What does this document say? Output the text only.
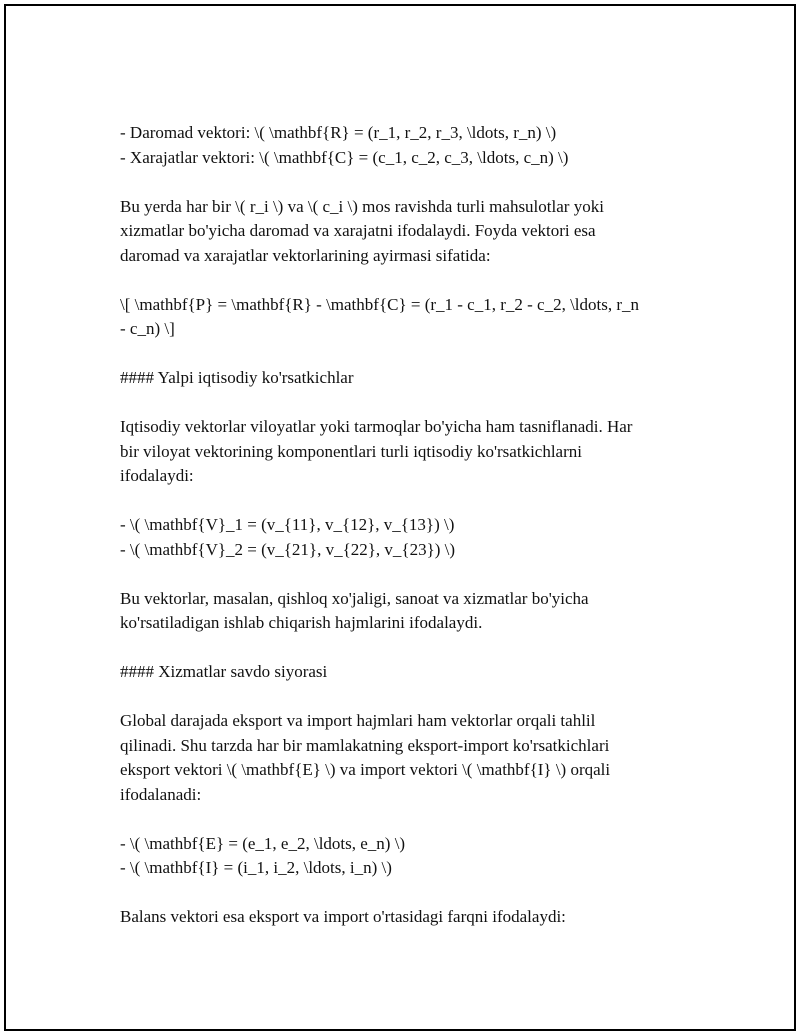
- Daromad vektori: \( \mathbf{R} = (r_1, r_2, r_3, \ldots, r_n) \)
- Xarajatlar vektori: \( \mathbf{C} = (c_1, c_2, c_3, \ldots, c_n) \)
Bu yerda har bir \( r_i \) va \( c_i \) mos ravishda turli mahsulotlar yoki
xizmatlar bo'yicha daromad va xarajatni ifodalaydi. Foyda vektori esa
daromad va xarajatlar vektorlarining ayirmasi sifatida:
\[ \mathbf{P} = \mathbf{R} - \mathbf{C} = (r_1 - c_1, r_2 - c_2, \ldots, r_n
- c_n) \]
#### Yalpi iqtisodiy ko'rsatkichlar
Iqtisodiy vektorlar viloyatlar yoki tarmoqlar bo'yicha ham tasniflanadi. Har
bir viloyat vektorining komponentlari turli iqtisodiy ko'rsatkichlarni
ifodalaydi:
- \( \mathbf{V}_1 = (v_{11}, v_{12}, v_{13}) \)
- \( \mathbf{V}_2 = (v_{21}, v_{22}, v_{23}) \)
Bu vektorlar, masalan, qishloq xo'jaligi, sanoat va xizmatlar bo'yicha
ko'rsatiladigan ishlab chiqarish hajmlarini ifodalaydi.
#### Xizmatlar savdo siyorasi
Global darajada eksport va import hajmlari ham vektorlar orqali tahlil
qilinadi. Shu tarzda har bir mamlakatning eksport-import ko'rsatkichlari
eksport vektori \( \mathbf{E} \) va import vektori \( \mathbf{I} \) orqali
ifodalanadi:
- \( \mathbf{E} = (e_1, e_2, \ldots, e_n) \)
- \( \mathbf{I} = (i_1, i_2, \ldots, i_n) \)
Balans vektori esa eksport va import o'rtasidagi farqni ifodalaydi:
